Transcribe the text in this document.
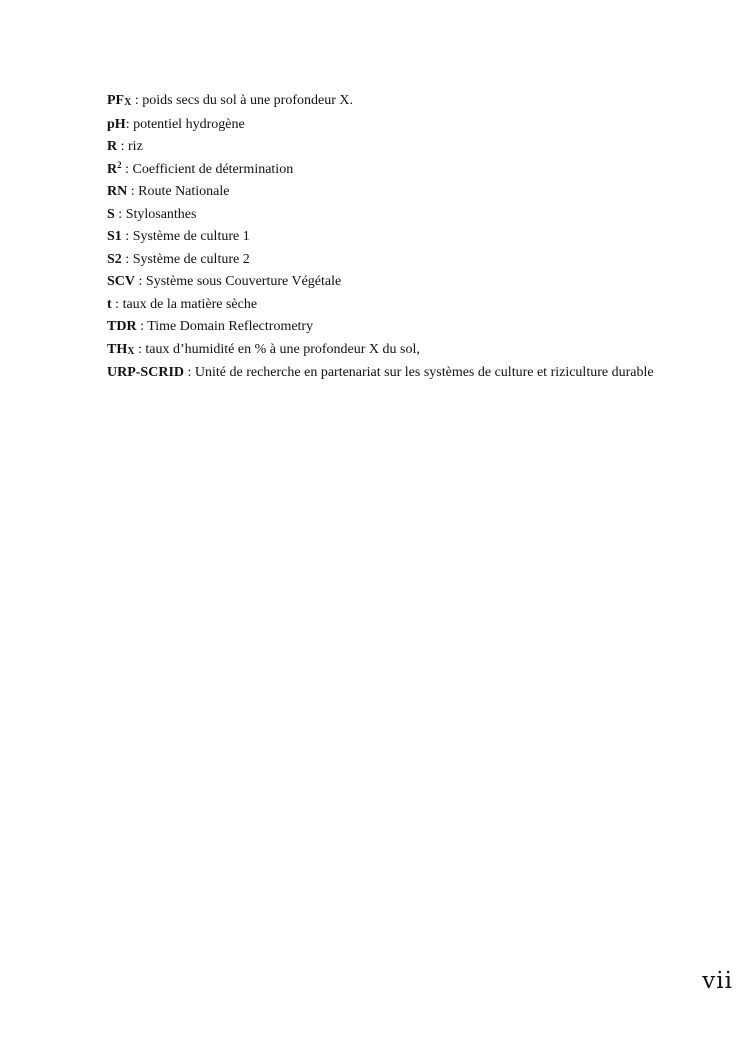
PFX : poids secs du sol à une profondeur X.

pH: potentiel hydrogène

R : riz

$R^2$ : Coefficient de détermination

RN : Route Nationale

S : Stylosanthes

S1 : Système de culture 1

S2 : Système de culture 2

SCV : Système sous Couverture Végétale

t : taux de la matière sèche

TDR : Time Domain Reflectrometry

THX : taux d’humidité en % à une profondeur X du sol,

URP-SCRID : Unité de recherche en partenariat sur les systèmes de culture et riziculture durable

vii
